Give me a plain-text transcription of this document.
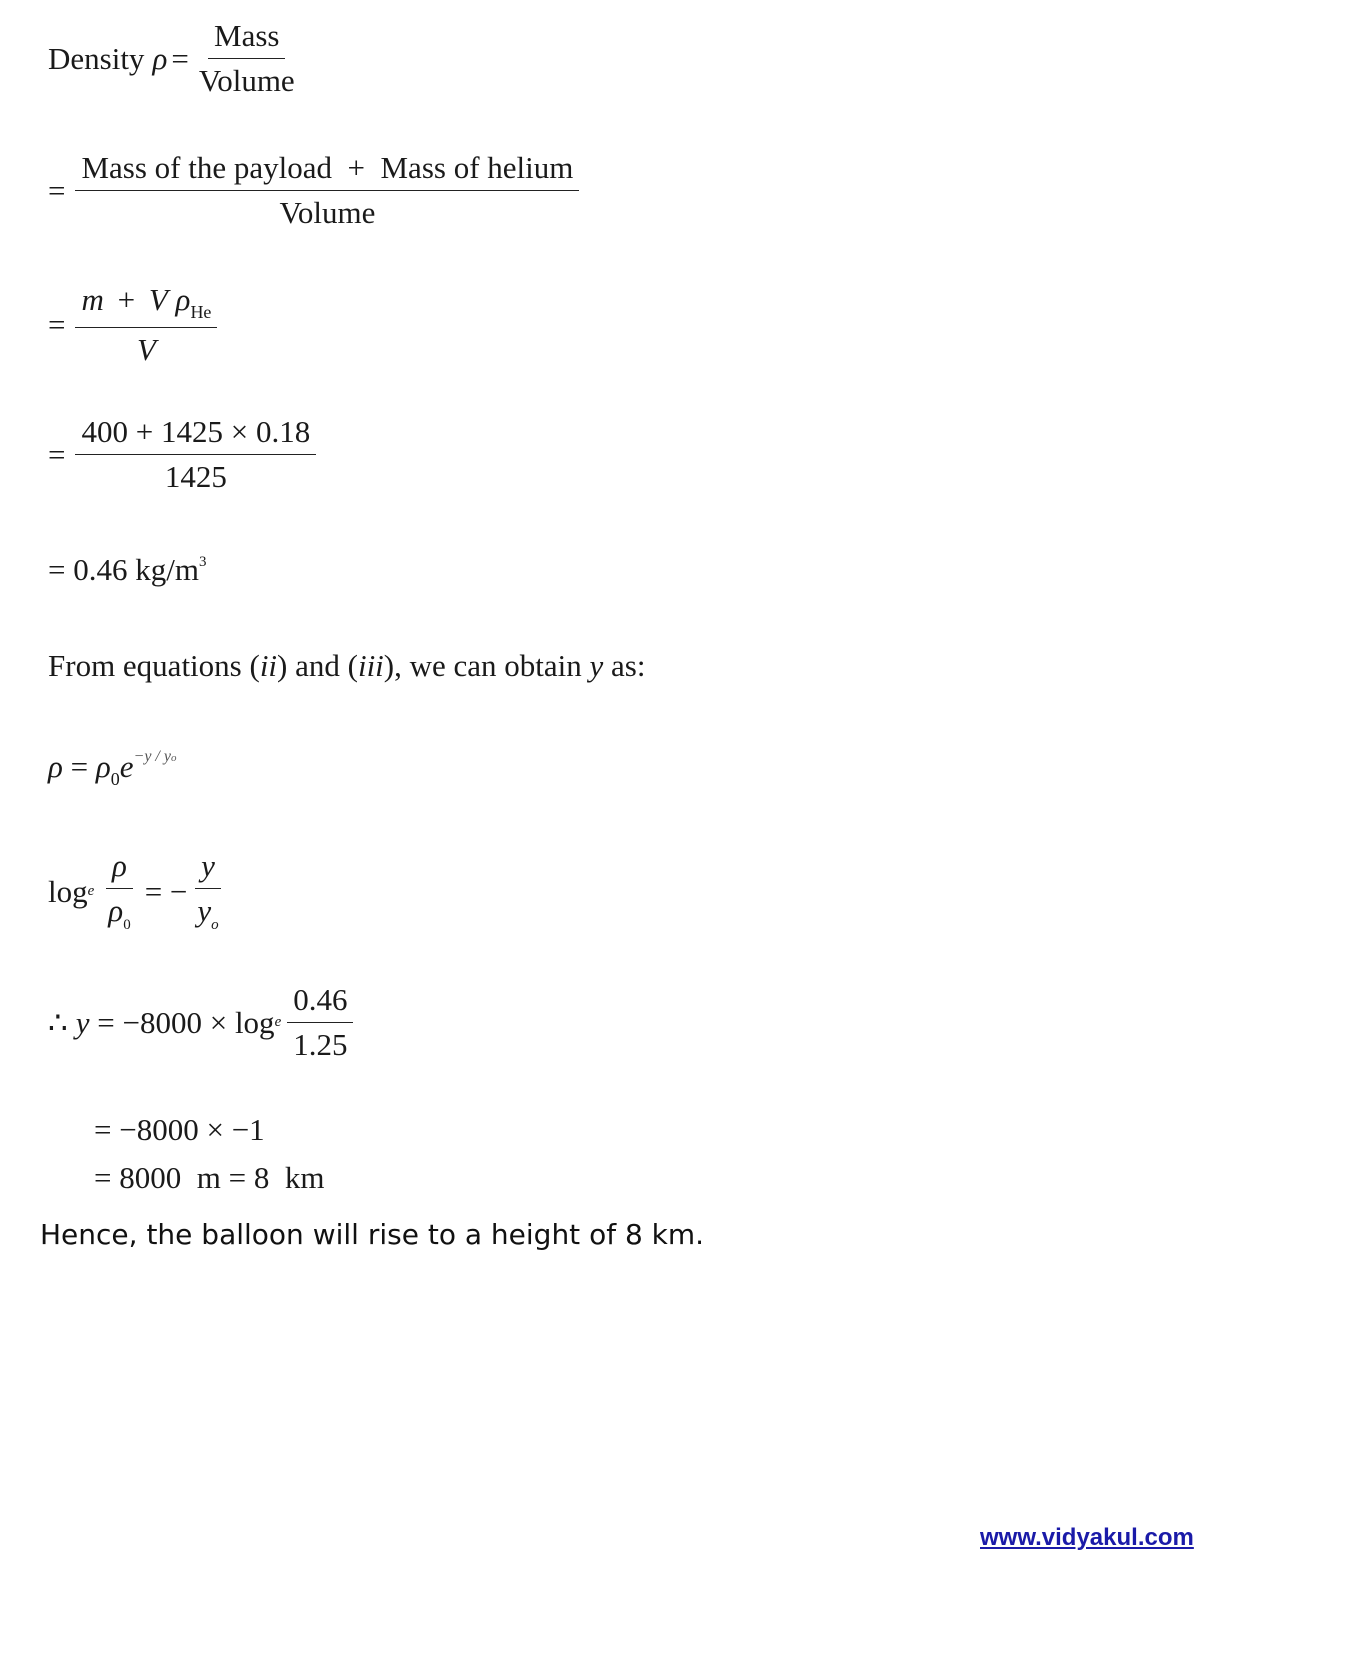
Density $\rho = \frac{\text{Mass}}{\text{Volume}}$
= $\frac{\text{Mass of the payload  +  Mass of helium}}{\text{Volume}}$
= $\frac{m + V \rho_{He}}{V}$
= $\frac{400 + 1425 \times 0.18}{1425}$
= 0.46 $kg/m^3$
From equations (ii) and (iii), we can obtain y as:
$\rho = \rho_0e^{-y / yo}$
log e $\frac{\rho}{\rho_0}$ = − $\frac{y}{y_o}$
∴ y = −8000 × log e $\frac{0.46}{1.25}$
= −8000 × −1
= 8000  m = 8  km
Hence, the balloon will rise to a height of 8 km.
www.vidyakul.com
